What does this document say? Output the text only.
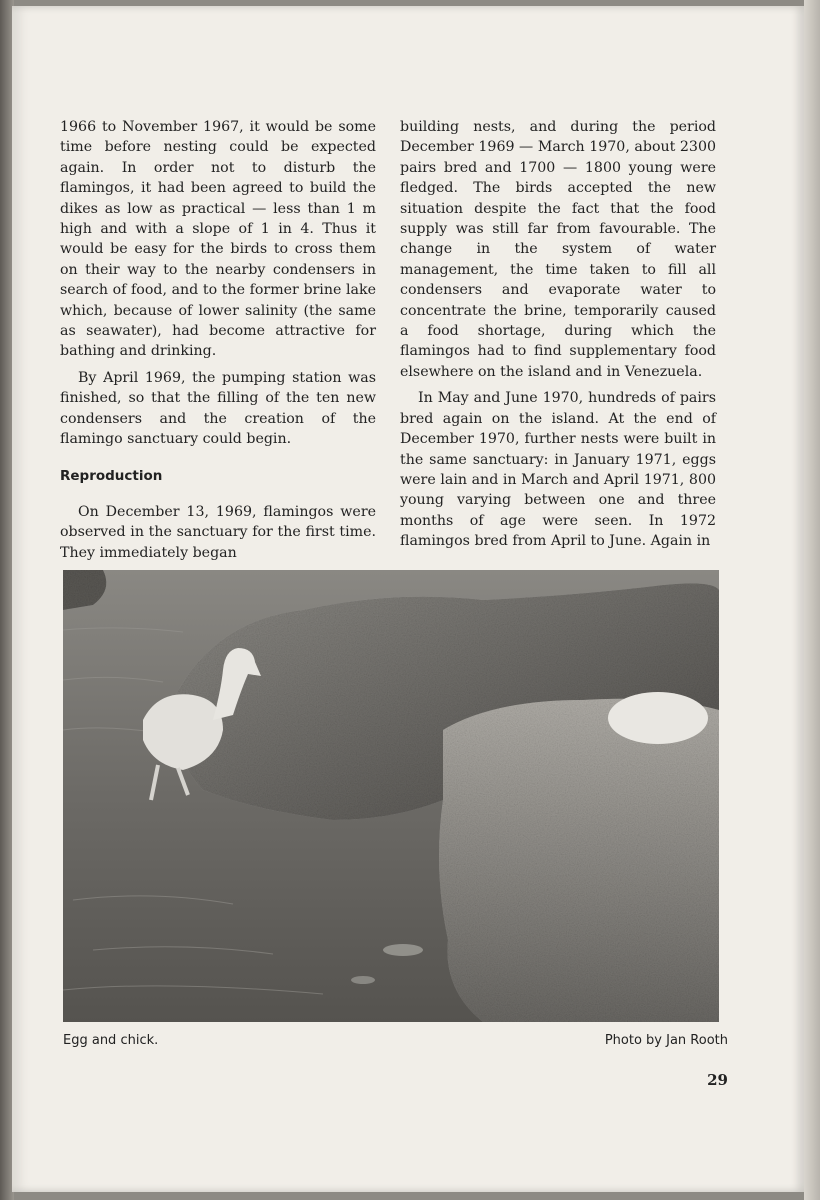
1966 to November 1967, it would be some time before nesting could be expected again. In order not to disturb the flamingos, it had been agreed to build the dikes as low as practical — less than 1 m high and with a slope of 1 in 4. Thus it would be easy for the birds to cross them on their way to the nearby condensers in search of food, and to the former brine lake which, because of lower salinity (the same as seawater), had become attractive for bathing and drinking.

By April 1969, the pumping station was finished, so that the filling of the ten new condensers and the creation of the flamingo sanctuary could begin.

Reproduction

On December 13, 1969, flamingos were observed in the sanctuary for the first time. They immediately began

building nests, and during the period December 1969 — March 1970, about 2300 pairs bred and 1700 — 1800 young were fledged. The birds accepted the new situation despite the fact that the food supply was still far from favourable. The change in the system of water management, the time taken to fill all condensers and evaporate water to concentrate the brine, temporarily caused a food shortage, during which the flamingos had to find supplementary food elsewhere on the island and in Venezuela.

In May and June 1970, hundreds of pairs bred again on the island. At the end of December 1970, further nests were built in the same sanctuary: in January 1971, eggs were lain and in March and April 1971, 800 young varying between one and three months of age were seen. In 1972 flamingos bred from April to June. Again in

Egg and chick.	Photo by Jan Rooth
29
